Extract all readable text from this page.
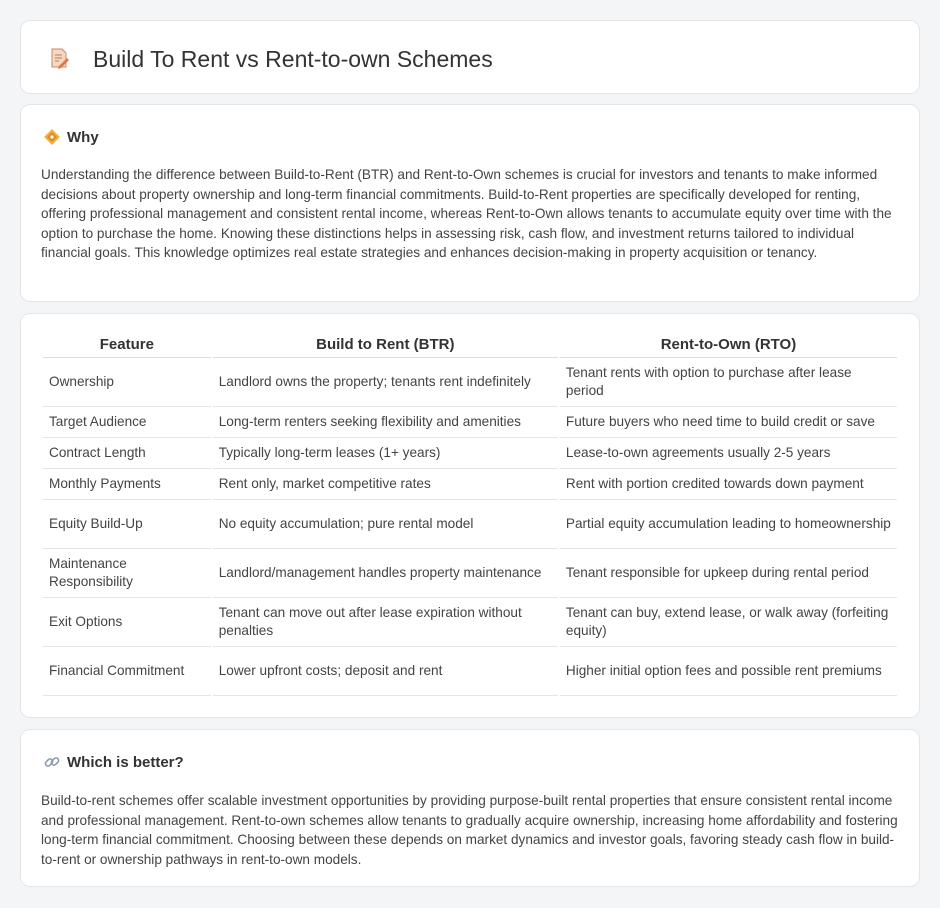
Build To Rent vs Rent-to-own Schemes
Why

Understanding the difference between Build-to-Rent (BTR) and Rent-to-Own schemes is crucial for investors and tenants to make informed decisions about property ownership and long-term financial commitments. Build-to-Rent properties are specifically developed for renting, offering professional management and consistent rental income, whereas Rent-to-Own allows tenants to accumulate equity over time with the option to purchase the home. Knowing these distinctions helps in assessing risk, cash flow, and investment returns tailored to individual financial goals. This knowledge optimizes real estate strategies and enhances decision-making in property acquisition or tenancy.

Feature	Build to Rent (BTR)	Rent-to-Own (RTO)
Ownership	Landlord owns the property; tenants rent indefinitely	Tenant rents with option to purchase after lease period
Target Audience	Long-term renters seeking flexibility and amenities	Future buyers who need time to build credit or save
Contract Length	Typically long-term leases (1+ years)	Lease-to-own agreements usually 2-5 years
Monthly Payments	Rent only, market competitive rates	Rent with portion credited towards down payment
Equity Build-Up	No equity accumulation; pure rental model	Partial equity accumulation leading to homeownership
Maintenance Responsibility	Landlord/management handles property maintenance	Tenant responsible for upkeep during rental period
Exit Options	Tenant can move out after lease expiration without penalties	Tenant can buy, extend lease, or walk away (forfeiting equity)
Financial Commitment	Lower upfront costs; deposit and rent	Higher initial option fees and possible rent premiums
Which is better?

Build-to-rent schemes offer scalable investment opportunities by providing purpose-built rental properties that ensure consistent rental income and professional management. Rent-to-own schemes allow tenants to gradually acquire ownership, increasing home affordability and fostering long-term financial commitment. Choosing between these depends on market dynamics and investor goals, favoring steady cash flow in build-to-rent or ownership pathways in rent-to-own models.
